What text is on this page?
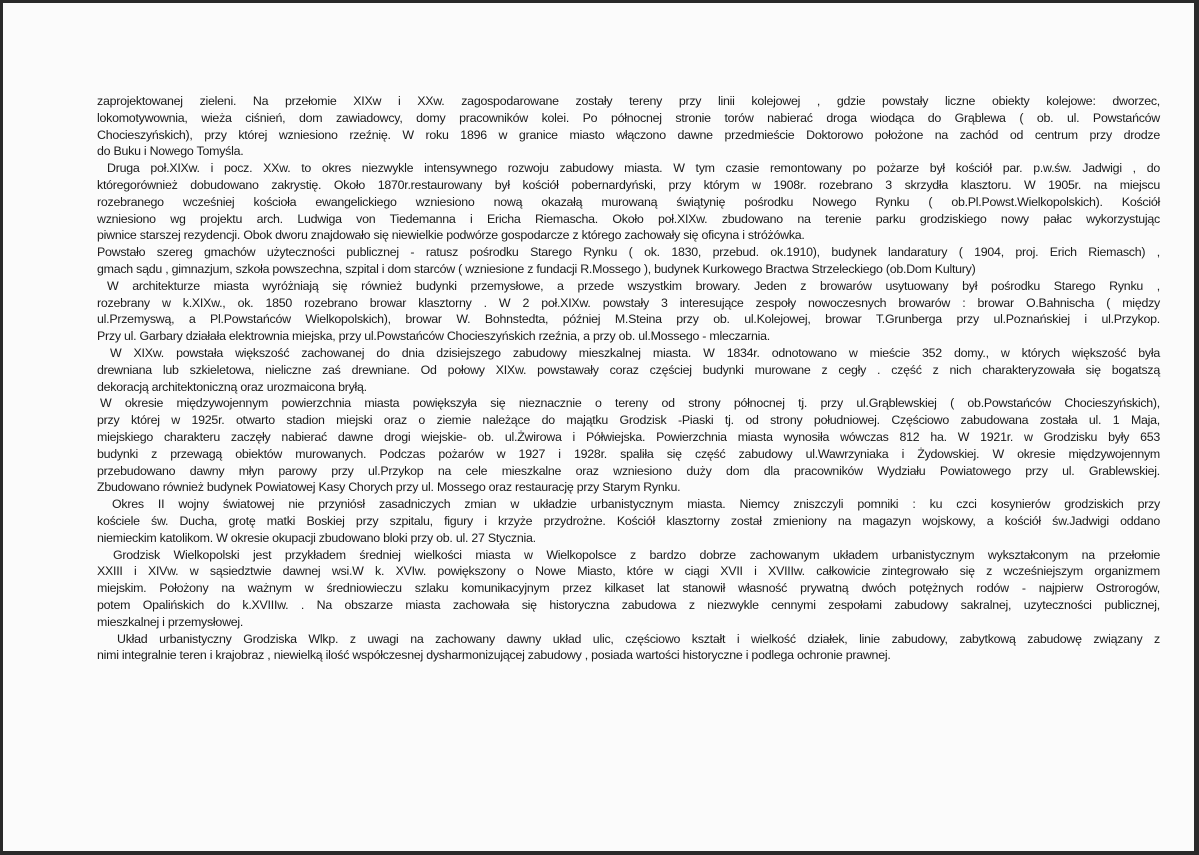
zaprojektowanej zieleni. Na przełomie XIXw i XXw. zagospodarowane zostały tereny przy linii kolejowej , gdzie powstały liczne obiekty kolejowe: dworzec,
lokomotywownia, wieża ciśnień, dom zawiadowcy, domy pracowników kolei. Po północnej stronie torów nabierać droga wiodąca do Grąblewa ( ob. ul. Powstańców
Chocieszyńskich), przy której wzniesiono rzeźnię. W roku 1896 w granice miasto włączono dawne przedmieście Doktorowo położone na zachód od centrum przy drodze
do Buku i Nowego Tomyśla.
Druga poł.XIXw. i pocz. XXw. to okres niezwykle intensywnego rozwoju zabudowy miasta. W tym czasie remontowany po pożarze był kościół par. p.w.św. Jadwigi , do
któregorównież dobudowano zakrystię. Około 1870r.restaurowany był kościół pobernardyński, przy którym w 1908r. rozebrano 3 skrzydła klasztoru. W 1905r. na miejscu
rozebranego wcześniej kościoła ewangelickiego wzniesiono nową okazałą murowaną świątynię pośrodku Nowego Rynku ( ob.Pl.Powst.Wielkopolskich). Kościół
wzniesiono wg projektu arch. Ludwiga von Tiedemanna i Ericha Riemascha. Około poł.XIXw. zbudowano na terenie parku grodziskiego nowy pałac wykorzystując
piwnice starszej rezydencji. Obok dworu znajdowało się niewielkie podwórze gospodarcze z którego zachowały się oficyna i stróżówka.
Powstało szereg gmachów użyteczności publicznej - ratusz pośrodku Starego Rynku ( ok. 1830, przebud. ok.1910), budynek landaratury ( 1904, proj. Erich Riemasch) ,
gmach sądu , gimnazjum, szkoła powszechna, szpital i dom starców ( wzniesione z fundacji R.Mossego ), budynek Kurkowego Bractwa Strzeleckiego (ob.Dom Kultury)
W architekturze miasta wyróżniają się również budynki przemysłowe, a przede wszystkim browary. Jeden z browarów usytuowany był pośrodku Starego Rynku ,
rozebrany w k.XIXw., ok. 1850 rozebrano browar klasztorny . W 2 poł.XIXw. powstały 3 interesujące zespoły nowoczesnych browarów : browar O.Bahnischa ( między
ul.Przemyswą, a Pl.Powstańców Wielkopolskich), browar W. Bohnstedta, później M.Steina przy ob. ul.Kolejowej, browar T.Grunberga przy ul.Poznańskiej i ul.Przykop.
Przy ul. Garbary działała elektrownia miejska, przy ul.Powstańców Chocieszyńskich rzeźnia, a przy ob. ul.Mossego - mleczarnia.
W XIXw. powstała większość zachowanej do dnia dzisiejszego zabudowy mieszkalnej miasta. W 1834r. odnotowano w mieście 352 domy., w których większość była
drewniana lub szkieletowa, nieliczne zaś drewniane. Od połowy XIXw. powstawały coraz częściej budynki murowane z cegły . część z nich charakteryzowała się bogatszą
dekoracją architektoniczną oraz urozmaicona bryłą.
W okresie międzywojennym powierzchnia miasta powiększyła się nieznacznie o tereny od strony północnej tj. przy ul.Grąblewskiej ( ob.Powstańców Chocieszyńskich),
przy której w 1925r. otwarto stadion miejski oraz o ziemie należące do majątku Grodzisk -Piaski tj. od strony południowej. Częściowo zabudowana została ul. 1 Maja,
miejskiego charakteru zaczęły nabierać dawne drogi wiejskie- ob. ul.Żwirowa i Półwiejska. Powierzchnia miasta wynosiła wówczas 812 ha. W 1921r. w Grodzisku były 653
budynki z przewagą obiektów murowanych. Podczas pożarów w 1927 i 1928r. spaliła się część zabudowy ul.Wawrzyniaka i Żydowskiej. W okresie międzywojennym
przebudowano dawny młyn parowy przy ul.Przykop na cele mieszkalne oraz wzniesiono duży dom dla pracowników Wydziału Powiatowego przy ul. Grablewskiej.
Zbudowano również budynek Powiatowej Kasy Chorych przy ul. Mossego oraz restaurację przy Starym Rynku.
Okres II wojny światowej nie przyniósł zasadniczych zmian w układzie urbanistycznym miasta. Niemcy zniszczyli pomniki : ku czci kosynierów grodziskich przy
kościele św. Ducha, grotę matki Boskiej przy szpitalu, figury i krzyże przydrożne. Kościół klasztorny został zmieniony na magazyn wojskowy, a kościół św.Jadwigi oddano
niemieckim katolikom. W okresie okupacji zbudowano bloki przy ob. ul. 27 Stycznia.
Grodzisk Wielkopolski jest przykładem średniej wielkości miasta w Wielkopolsce z bardzo dobrze zachowanym układem urbanistycznym wykształconym na przełomie
XXIII i XIVw. w sąsiedztwie dawnej wsi.W k. XVIw. powiększony o Nowe Miasto, które w ciągi XVII i XVIIIw. całkowicie zintegrowało się z wcześniejszym organizmem
miejskim. Położony na ważnym w średniowieczu szlaku komunikacyjnym przez kilkaset lat stanowił własność prywatną dwóch potężnych rodów - najpierw Ostrorogów,
potem Opalińskich do k.XVIIIw. . Na obszarze miasta zachowała się historyczna zabudowa z niezwykle cennymi zespołami zabudowy sakralnej, uzyteczności publicznej,
mieszkalnej i przemysłowej.
Układ urbanistyczny Grodziska Wlkp. z uwagi na zachowany dawny układ ulic, częściowo kształt i wielkość działek, linie zabudowy, zabytkową zabudowę związany z
nimi integralnie teren i krajobraz , niewielką ilość współczesnej dysharmonizującej zabudowy , posiada wartości historyczne i podlega ochronie prawnej.
